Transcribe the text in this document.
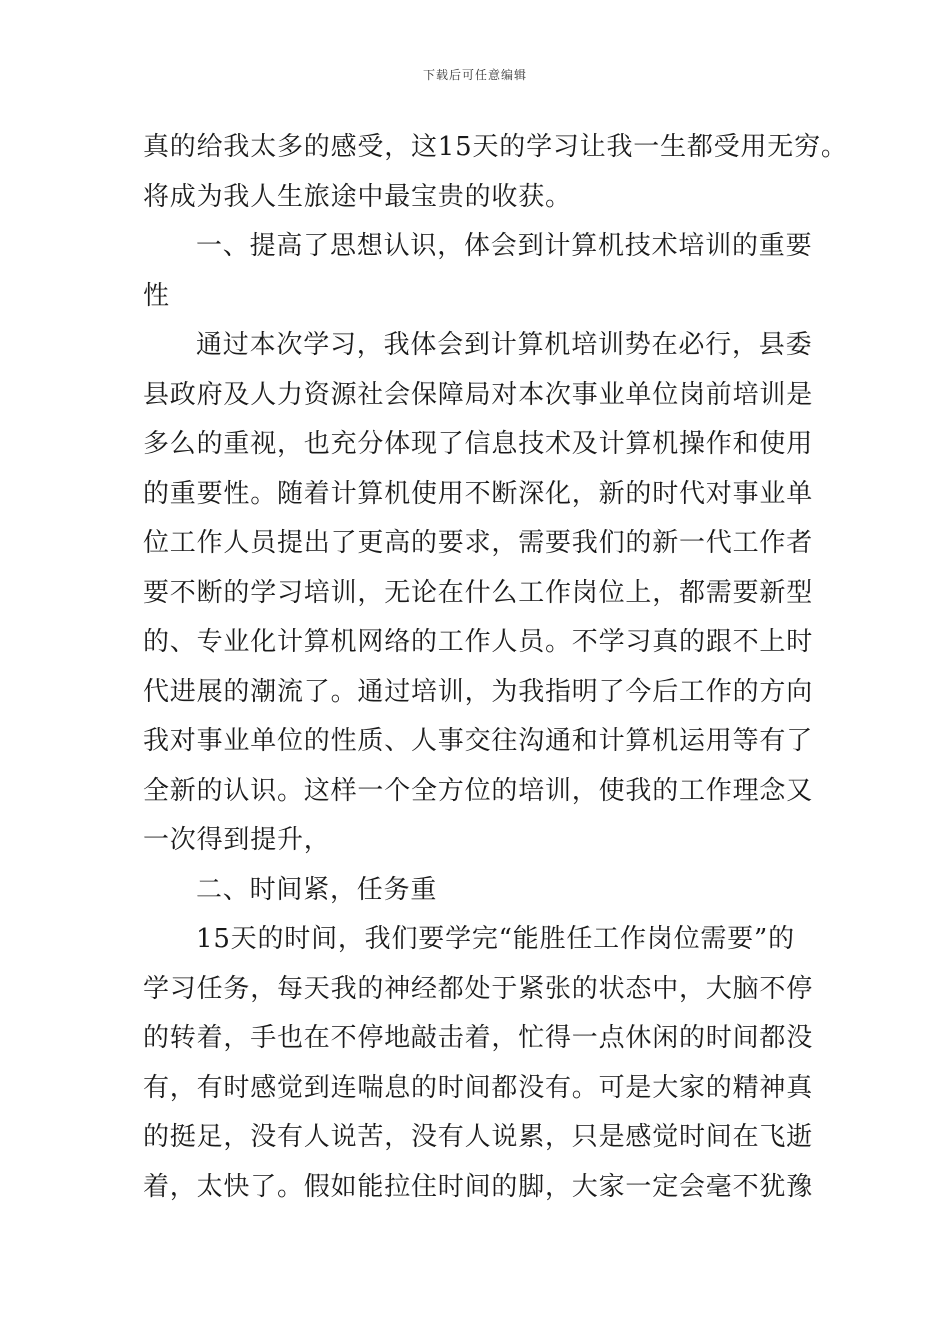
下载后可任意编辑
真的给我太多的感受，这15天的学习让我一生都受用无穷。
将成为我人生旅途中最宝贵的收获。
一、提高了思想认识，体会到计算机技术培训的重要
性
通过本次学习，我体会到计算机培训势在必行，县委
县政府及人力资源社会保障局对本次事业单位岗前培训是
多么的重视，也充分体现了信息技术及计算机操作和使用
的重要性。随着计算机使用不断深化，新的时代对事业单
位工作人员提出了更高的要求，需要我们的新一代工作者
要不断的学习培训，无论在什么工作岗位上，都需要新型
的、专业化计算机网络的工作人员。不学习真的跟不上时
代进展的潮流了。通过培训，为我指明了今后工作的方向
我对事业单位的性质、人事交往沟通和计算机运用等有了
全新的认识。这样一个全方位的培训，使我的工作理念又
一次得到提升，
二、时间紧，任务重
15天的时间，我们要学完“能胜任工作岗位需要”的
学习任务，每天我的神经都处于紧张的状态中，大脑不停
的转着，手也在不停地敲击着，忙得一点休闲的时间都没
有，有时感觉到连喘息的时间都没有。可是大家的精神真
的挺足，没有人说苦，没有人说累，只是感觉时间在飞逝
着，太快了。假如能拉住时间的脚，大家一定会毫不犹豫
